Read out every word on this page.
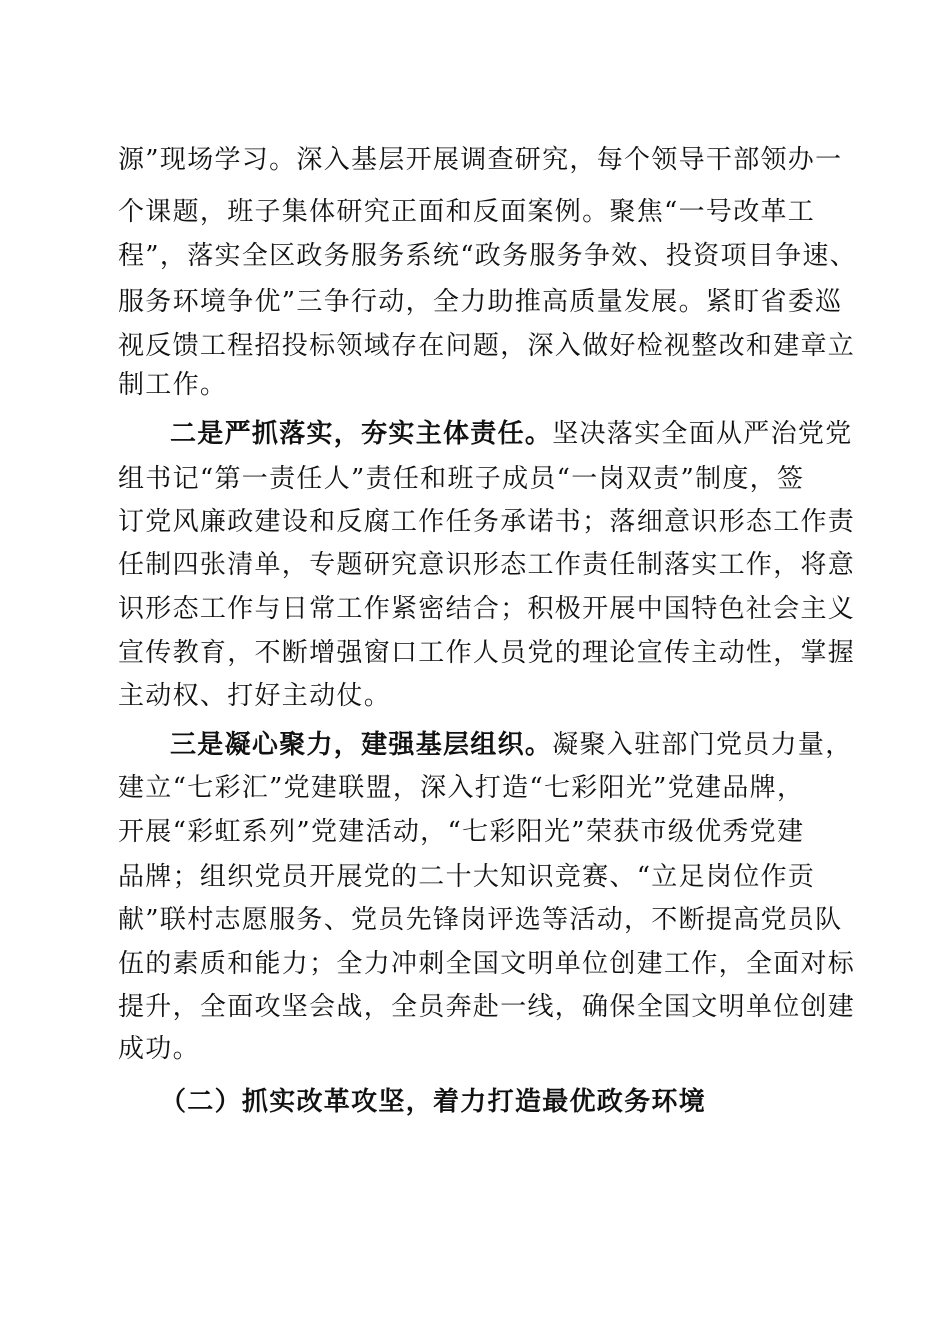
源”现场学习。深入基层开展调查研究，每个领导干部领办一
个课题，班子集体研究正面和反面案例。聚焦“一号改革工
程”，落实全区政务服务系统“政务服务争效、投资项目争速、
服务环境争优”三争行动，全力助推高质量发展。紧盯省委巡
视反馈工程招投标领域存在问题，深入做好检视整改和建章立
制工作。
二是严抓落实，夯实主体责任。坚决落实全面从严治党党
组书记“第一责任人”责任和班子成员“一岗双责”制度，签
订党风廉政建设和反腐工作任务承诺书；落细意识形态工作责
任制四张清单，专题研究意识形态工作责任制落实工作，将意
识形态工作与日常工作紧密结合；积极开展中国特色社会主义
宣传教育，不断增强窗口工作人员党的理论宣传主动性，掌握
主动权、打好主动仗。
三是凝心聚力，建强基层组织。凝聚入驻部门党员力量，
建立“七彩汇”党建联盟，深入打造“七彩阳光”党建品牌，
开展“彩虹系列”党建活动，“七彩阳光”荣获市级优秀党建
品牌；组织党员开展党的二十大知识竞赛、“立足岗位作贡
献”联村志愿服务、党员先锋岗评选等活动，不断提高党员队
伍的素质和能力；全力冲刺全国文明单位创建工作，全面对标
提升，全面攻坚会战，全员奔赴一线，确保全国文明单位创建
成功。
（二）抓实改革攻坚，着力打造最优政务环境
